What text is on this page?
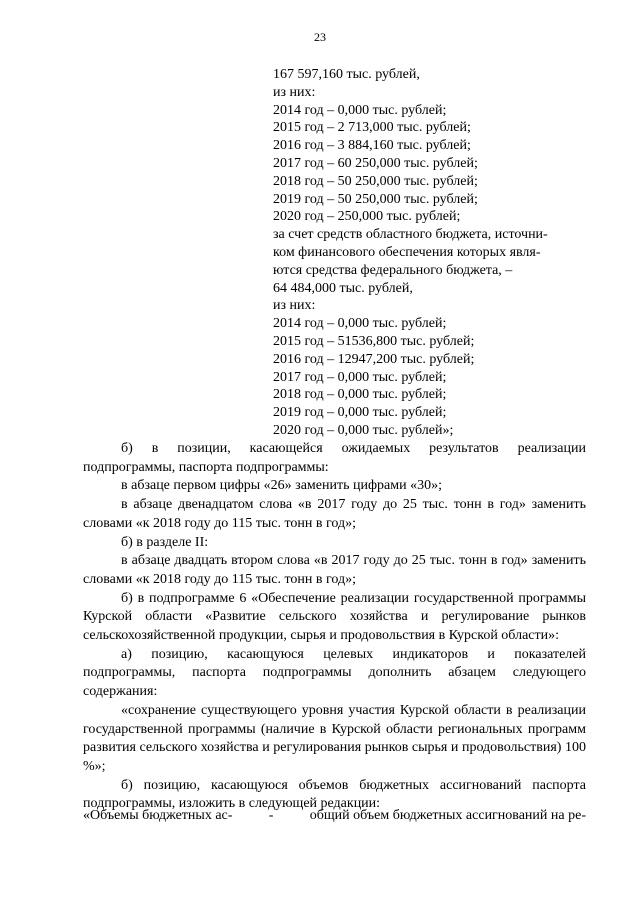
23
167 597,160 тыс. рублей,
из них:
2014 год – 0,000 тыс. рублей;
2015 год – 2 713,000 тыс. рублей;
2016 год – 3 884,160 тыс. рублей;
2017 год – 60 250,000 тыс. рублей;
2018 год – 50 250,000 тыс. рублей;
2019 год – 50 250,000 тыс. рублей;
2020 год – 250,000 тыс. рублей;
за счет средств областного бюджета, источни-
ком финансового обеспечения которых явля-
ются средства федерального бюджета, –
64 484,000 тыс. рублей,
из них:
2014 год – 0,000 тыс. рублей;
2015 год – 51536,800 тыс. рублей;
2016 год – 12947,200 тыс. рублей;
2017 год – 0,000 тыс. рублей;
2018 год – 0,000 тыс. рублей;
2019 год – 0,000 тыс. рублей;
2020 год – 0,000 тыс. рублей»;

б) в позиции, касающейся ожидаемых результатов реализации подпрограммы, паспорта подпрограммы:

в абзаце первом цифры «26» заменить цифрами «30»;

в абзаце двенадцатом слова «в 2017 году до 25 тыс. тонн в год» заменить словами «к 2018 году до 115 тыс. тонн в год»;

б) в разделе II:

в абзаце двадцать втором слова «в 2017 году до 25 тыс. тонн в год» заменить словами «к 2018 году до 115 тыс. тонн в год»;

б) в подпрограмме 6 «Обеспечение реализации государственной программы Курской области «Развитие сельского хозяйства и регулирование рынков сельскохозяйственной продукции, сырья и продовольствия в Курской области»:

а) позицию, касающуюся целевых индикаторов и показателей подпрограммы, паспорта подпрограммы дополнить абзацем следующего содержания:

«сохранение существующего уровня участия Курской области в реализации государственной программы (наличие в Курской области региональных программ развития сельского хозяйства и регулирования рынков сырья и продовольствия) 100 %»;

б) позицию, касающуюся объемов бюджетных ассигнований паспорта подпрограммы, изложить в следующей редакции:

«Объемы бюджетных ас-	-	общий объем бюджетных ассигнований на ре-
